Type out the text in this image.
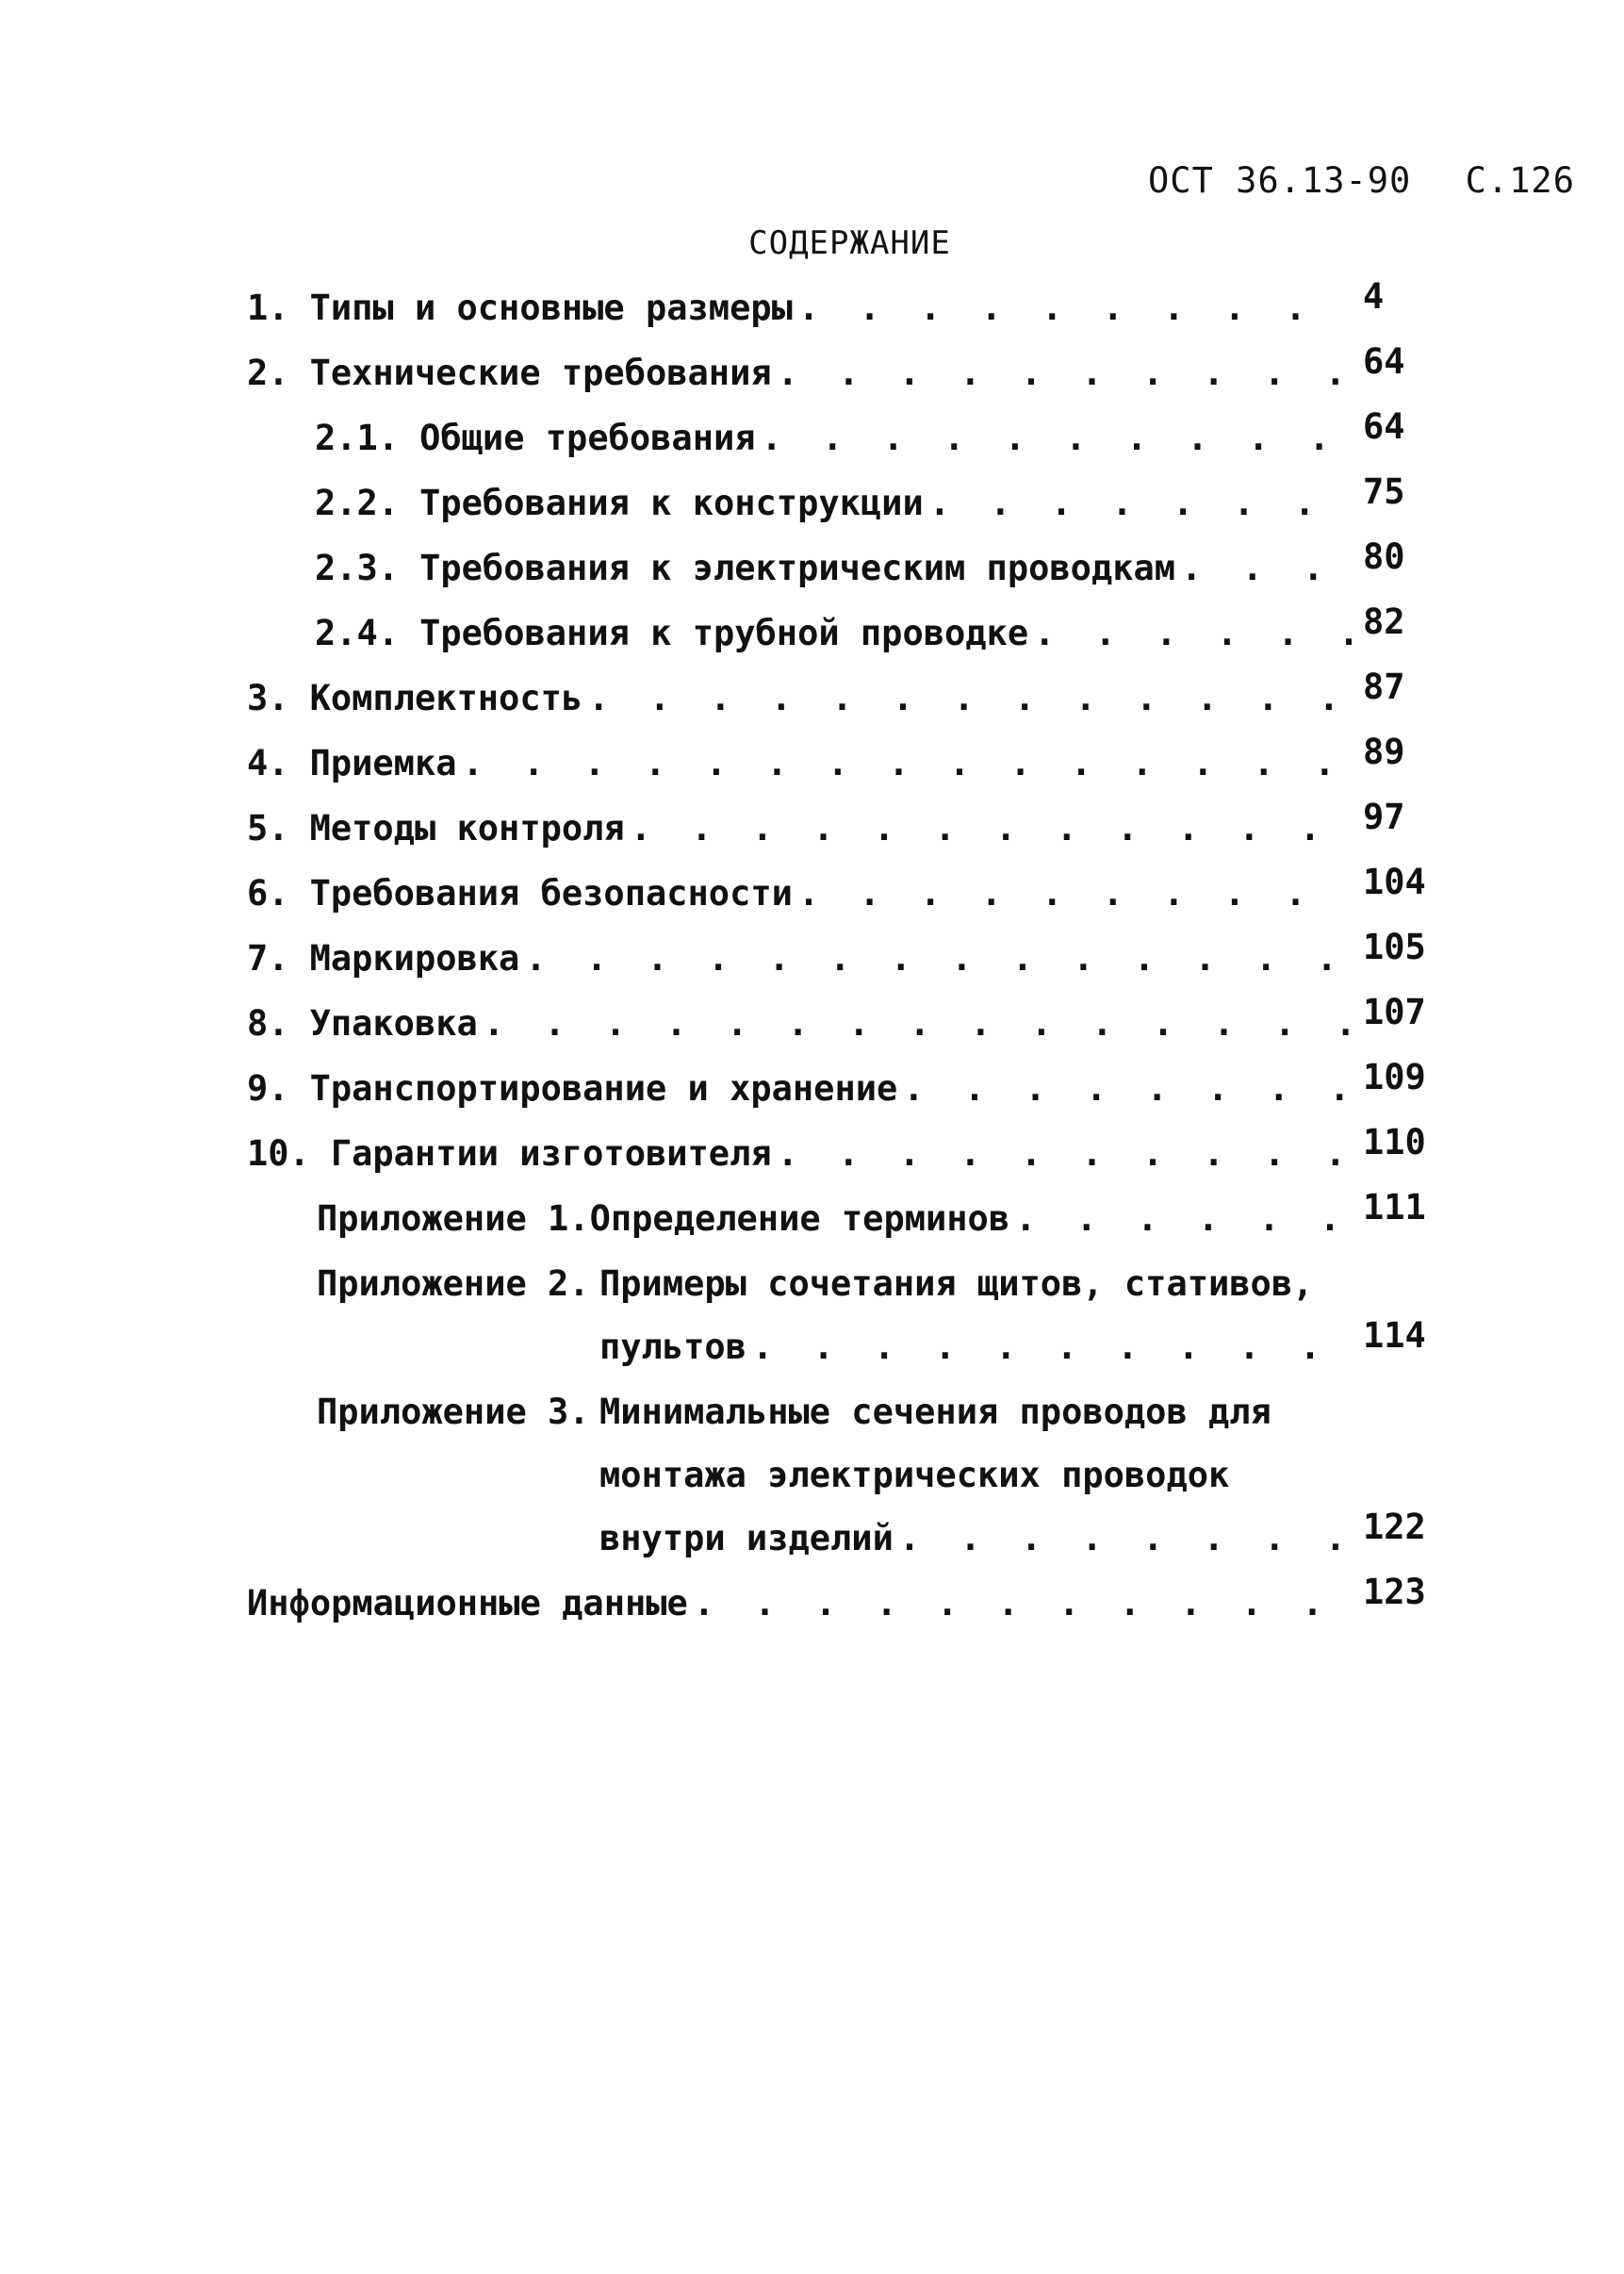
ОСТ 36.13-90 С.126
СОДЕРЖАНИЕ
1. Типы и основные размеры . . .	4
2. Технические требования . . .	64
2.1. Общие требования . . .	64
2.2. Требования к конструкции . . .	75
2.3. Требования к электрическим проводкам . . .	80
2.4. Требования к трубной проводке . . .	82
3. Комплектность . . .	87
4. Приемка . . .	89
5. Методы контроля . . .	97
6. Требования безопасности . . .	104
7. Маркировка . . .	105
8. Упаковка . . .	107
9. Транспортирование и хранение . . .	109
10. Гарантии изготовителя . . .	110
Приложение 1. Определение терминов . . .	111
Приложение 2. Примеры сочетания щитов, стативов,
пультов . . .	114
Приложение 3. Минимальные сечения проводов для
монтажа электрических проводок
внутри изделий . . .	122
Информационные данные . . .	123
